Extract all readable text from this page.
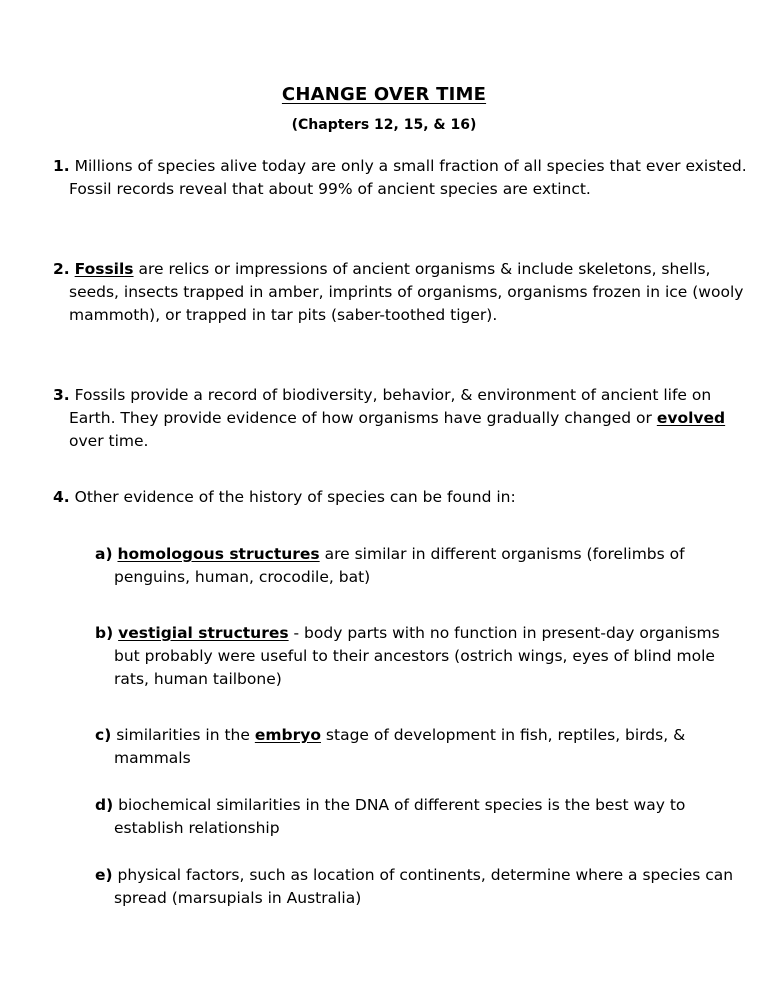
CHANGE OVER TIME
(Chapters 12, 15, & 16)
1. Millions of species alive today are only a small fraction of all species that ever existed. Fossil records reveal that about 99% of ancient species are extinct.
2. Fossils are relics or impressions of ancient organisms & include skeletons, shells, seeds, insects trapped in amber, imprints of organisms, organisms frozen in ice (wooly mammoth), or trapped in tar pits (saber-toothed tiger).
3. Fossils provide a record of biodiversity, behavior, & environment of ancient life on Earth. They provide evidence of how organisms have gradually changed or evolved over time.
4. Other evidence of the history of species can be found in:
a) homologous structures are similar in different organisms (forelimbs of penguins, human, crocodile, bat)
b) vestigial structures - body parts with no function in present-day organisms but probably were useful to their ancestors (ostrich wings, eyes of blind mole rats, human tailbone)
c) similarities in the embryo stage of development in fish, reptiles, birds, & mammals
d) biochemical similarities in the DNA of different species is the best way to establish relationship
e) physical factors, such as location of continents, determine where a species can spread (marsupials in Australia)
